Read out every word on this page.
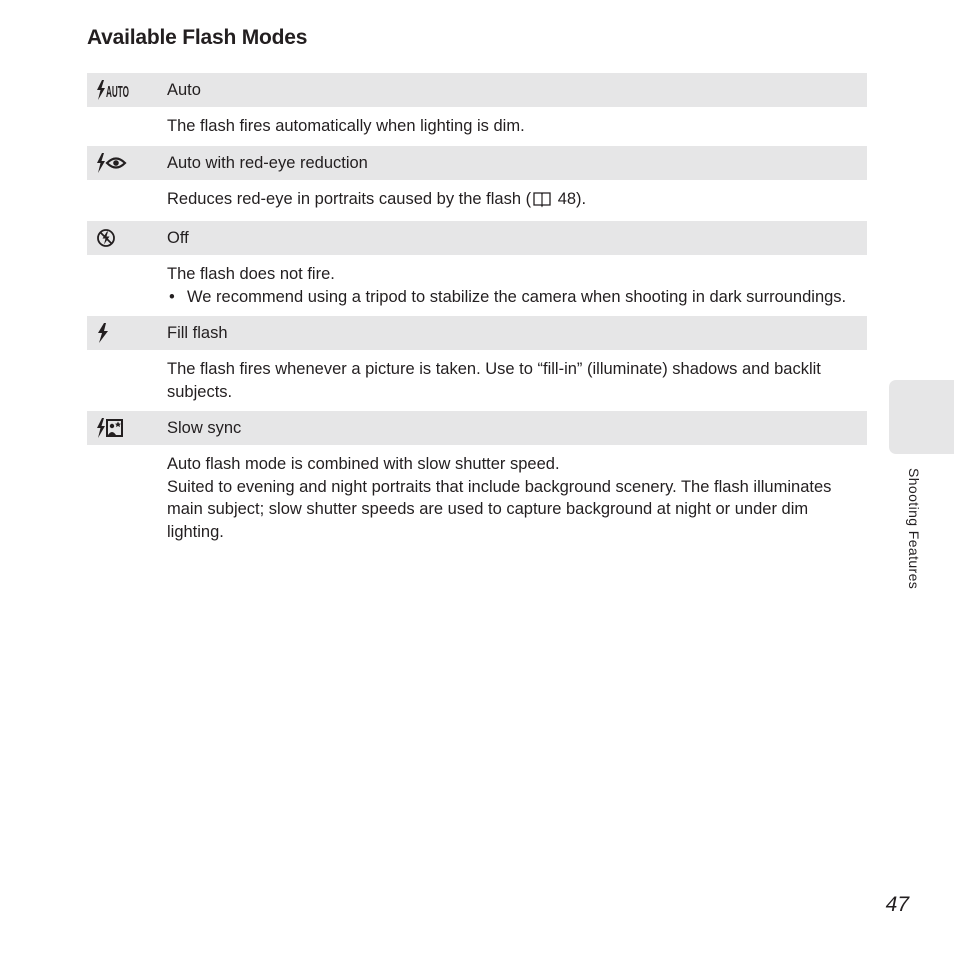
Available Flash Modes
AUTO Auto

The flash fires automatically when lighting is dim.

Auto with red-eye reduction

Reduces red-eye in portraits caused by the flash ( 48).

Off

The flash does not fire.

• We recommend using a tripod to stabilize the camera when shooting in dark surroundings.

Fill flash

The flash fires whenever a picture is taken. Use to “fill-in” (illuminate) shadows and backlit subjects.

Slow sync

Auto flash mode is combined with slow shutter speed.

Suited to evening and night portraits that include background scenery. The flash illuminates main subject; slow shutter speeds are used to capture background at night or under dim lighting.	Shooting Features
47
